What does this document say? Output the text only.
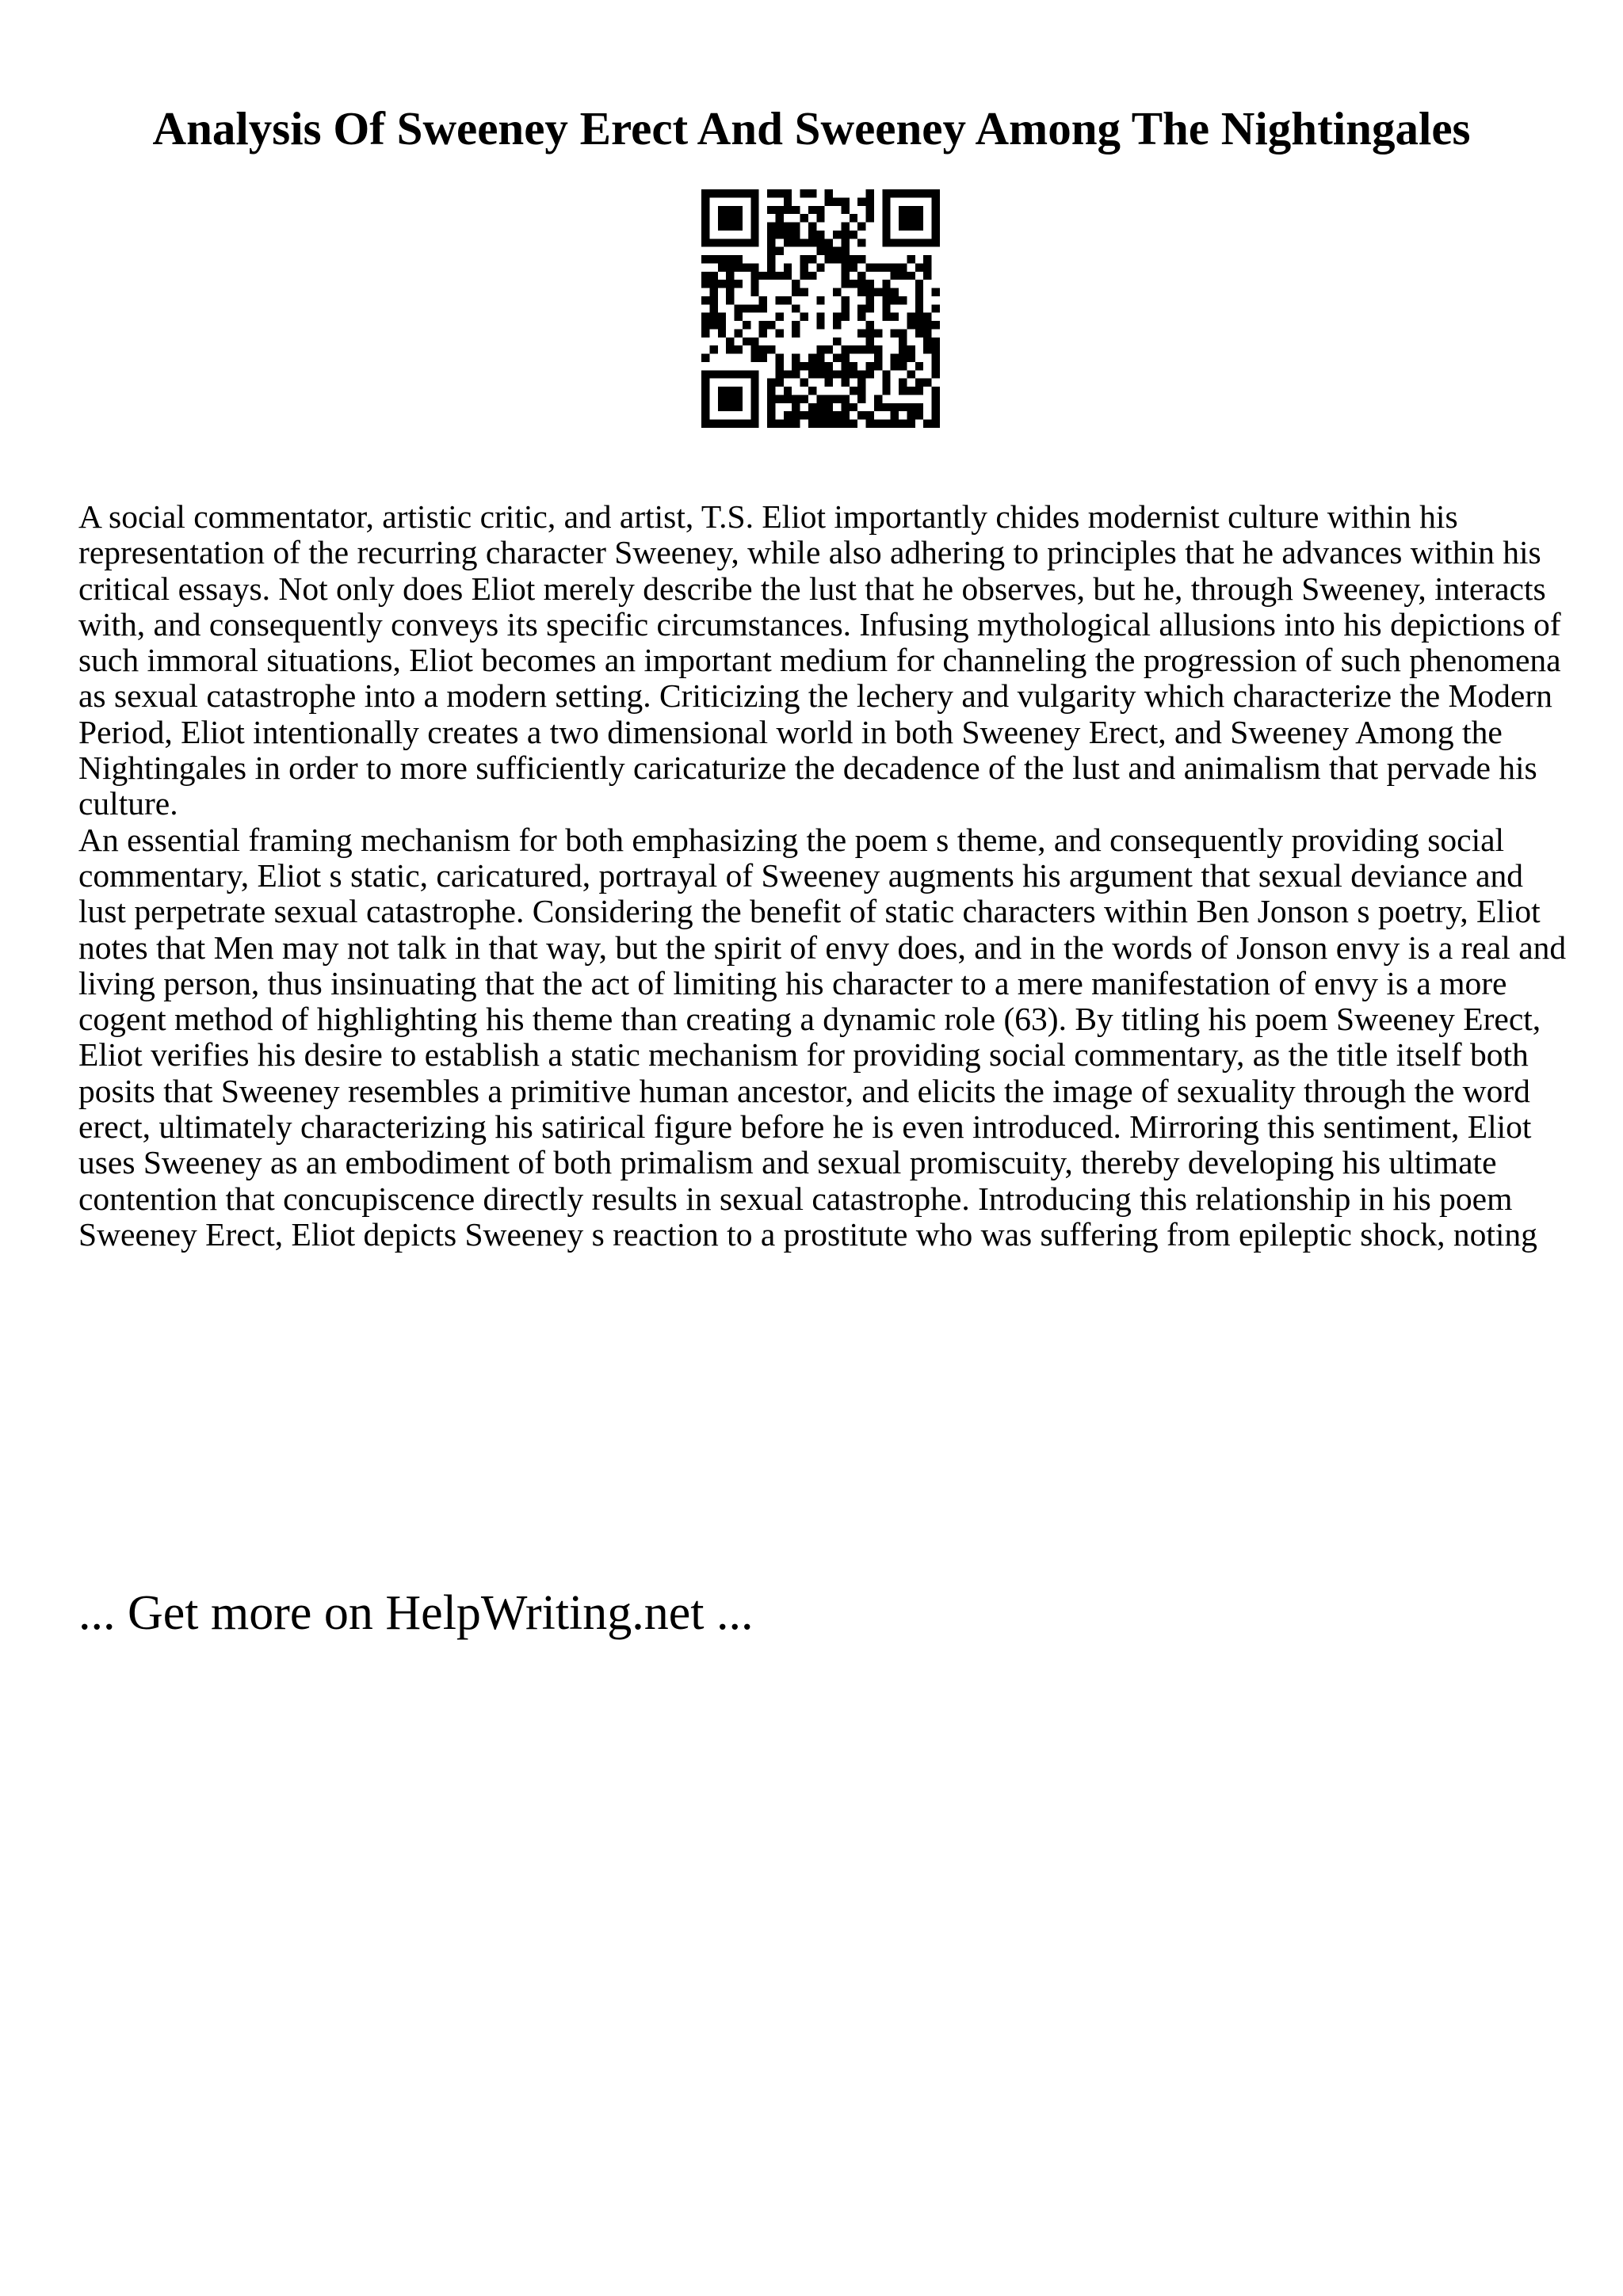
Analysis Of Sweeney Erect And Sweeney Among The Nightingales

A social commentator, artistic critic, and artist, T.S. Eliot importantly chides modernist culture within his representation of the recurring character Sweeney, while also adhering to principles that he advances within his critical essays. Not only does Eliot merely describe the lust that he observes, but he, through Sweeney, interacts with, and consequently conveys its specific circumstances. Infusing mythological allusions into his depictions of such immoral situations, Eliot becomes an important medium for channeling the progression of such phenomena as sexual catastrophe into a modern setting. Criticizing the lechery and vulgarity which characterize the Modern Period, Eliot intentionally creates a two dimensional world in both Sweeney Erect, and Sweeney Among the Nightingales in order to more sufficiently caricaturize the decadence of the lust and animalism that pervade his culture.

An essential framing mechanism for both emphasizing the poem s theme, and consequently providing social commentary, Eliot s static, caricatured, portrayal of Sweeney augments his argument that sexual deviance and lust perpetrate sexual catastrophe. Considering the benefit of static characters within Ben Jonson s poetry, Eliot notes that Men may not talk in that way, but the spirit of envy does, and in the words of Jonson envy is a real and living person, thus insinuating that the act of limiting his character to a mere manifestation of envy is a more cogent method of highlighting his theme than creating a dynamic role (63). By titling his poem Sweeney Erect, Eliot verifies his desire to establish a static mechanism for providing social commentary, as the title itself both posits that Sweeney resembles a primitive human ancestor, and elicits the image of sexuality through the word erect, ultimately characterizing his satirical figure before he is even introduced. Mirroring this sentiment, Eliot uses Sweeney as an embodiment of both primalism and sexual promiscuity, thereby developing his ultimate contention that concupiscence directly results in sexual catastrophe. Introducing this relationship in his poem Sweeney Erect, Eliot depicts Sweeney s reaction to a prostitute who was suffering from epileptic shock, noting

... Get more on HelpWriting.net ...
